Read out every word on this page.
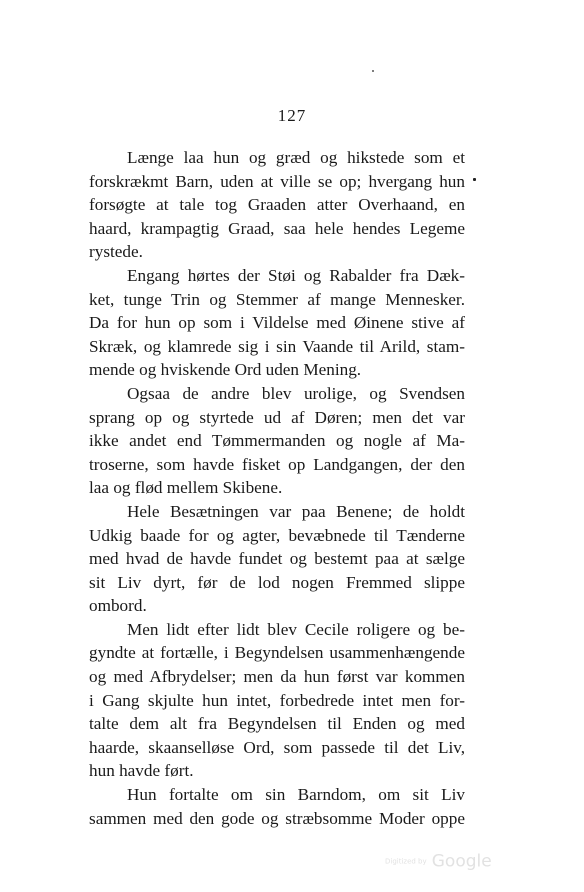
127
Længe laa hun og græd og hikstede som et
forskrækmt Barn, uden at ville se op; hvergang hun
forsøgte at tale tog Graaden atter Overhaand, en
haard, krampagtig Graad, saa hele hendes Legeme
rystede.
Engang hørtes der Støi og Rabalder fra Dæk-
ket, tunge Trin og Stemmer af mange Mennesker.
Da for hun op som i Vildelse med Øinene stive af
Skræk, og klamrede sig i sin Vaande til Arild, stam-
mende og hviskende Ord uden Mening.
Ogsaa de andre blev urolige, og Svendsen
sprang op og styrtede ud af Døren; men det var
ikke andet end Tømmermanden og nogle af Ma-
troserne, som havde fisket op Landgangen, der den
laa og flød mellem Skibene.
Hele Besætningen var paa Benene; de holdt
Udkig baade for og agter, bevæbnede til Tænderne
med hvad de havde fundet og bestemt paa at sælge
sit Liv dyrt, før de lod nogen Fremmed slippe
ombord.
Men lidt efter lidt blev Cecile roligere og be-
gyndte at fortælle, i Begyndelsen usammenhængende
og med Afbrydelser; men da hun først var kommen
i Gang skjulte hun intet, forbedrede intet men for-
talte dem alt fra Begyndelsen til Enden og med
haarde, skaanselløse Ord, som passede til det Liv,
hun havde ført.
Hun fortalte om sin Barndom, om sit Liv
sammen med den gode og stræbsomme Moder oppe
Digitized by Google
